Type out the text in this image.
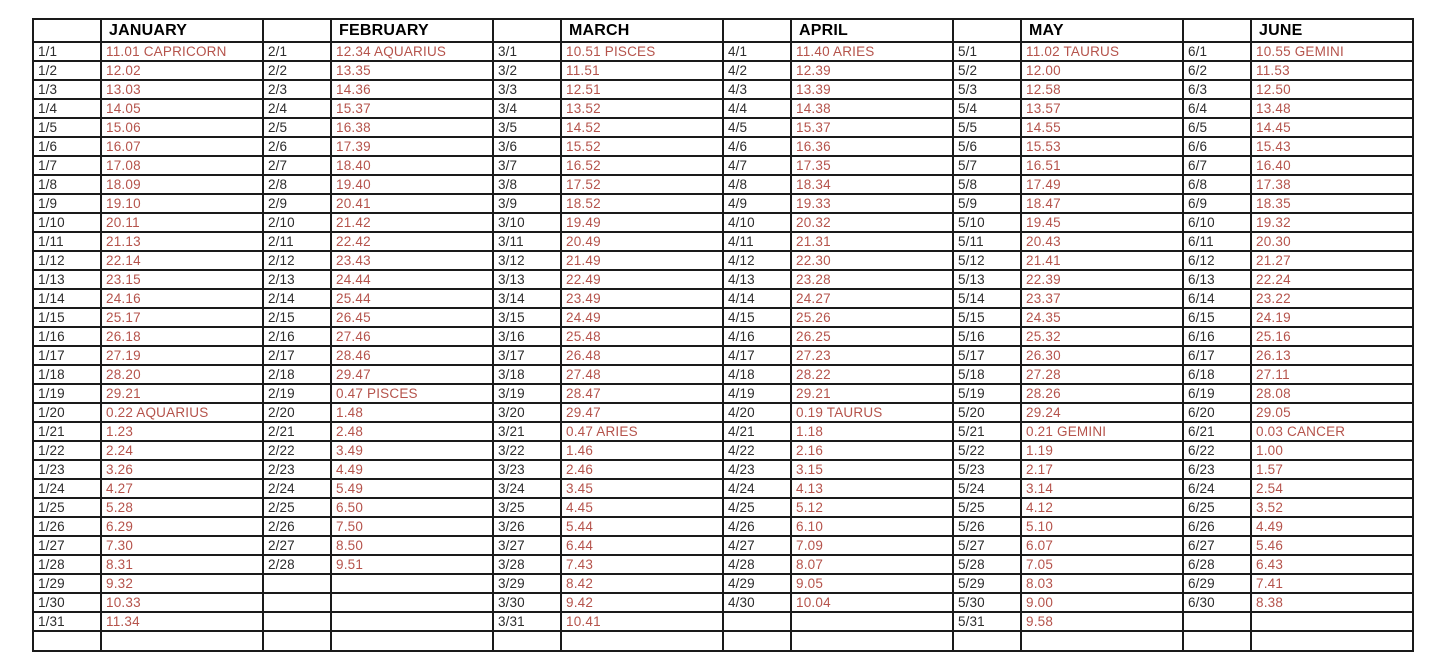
	JANUARY		FEBRUARY		MARCH		APRIL		MAY		JUNE
1/1	11.01 CAPRICORN	2/1	12.34 AQUARIUS	3/1	10.51 PISCES	4/1	11.40 ARIES	5/1	11.02 TAURUS	6/1	10.55 GEMINI
1/2	12.02	2/2	13.35	3/2	11.51	4/2	12.39	5/2	12.00	6/2	11.53
1/3	13.03	2/3	14.36	3/3	12.51	4/3	13.39	5/3	12.58	6/3	12.50
1/4	14.05	2/4	15.37	3/4	13.52	4/4	14.38	5/4	13.57	6/4	13.48
1/5	15.06	2/5	16.38	3/5	14.52	4/5	15.37	5/5	14.55	6/5	14.45
1/6	16.07	2/6	17.39	3/6	15.52	4/6	16.36	5/6	15.53	6/6	15.43
1/7	17.08	2/7	18.40	3/7	16.52	4/7	17.35	5/7	16.51	6/7	16.40
1/8	18.09	2/8	19.40	3/8	17.52	4/8	18.34	5/8	17.49	6/8	17.38
1/9	19.10	2/9	20.41	3/9	18.52	4/9	19.33	5/9	18.47	6/9	18.35
1/10	20.11	2/10	21.42	3/10	19.49	4/10	20.32	5/10	19.45	6/10	19.32
1/11	21.13	2/11	22.42	3/11	20.49	4/11	21.31	5/11	20.43	6/11	20.30
1/12	22.14	2/12	23.43	3/12	21.49	4/12	22.30	5/12	21.41	6/12	21.27
1/13	23.15	2/13	24.44	3/13	22.49	4/13	23.28	5/13	22.39	6/13	22.24
1/14	24.16	2/14	25.44	3/14	23.49	4/14	24.27	5/14	23.37	6/14	23.22
1/15	25.17	2/15	26.45	3/15	24.49	4/15	25.26	5/15	24.35	6/15	24.19
1/16	26.18	2/16	27.46	3/16	25.48	4/16	26.25	5/16	25.32	6/16	25.16
1/17	27.19	2/17	28.46	3/17	26.48	4/17	27.23	5/17	26.30	6/17	26.13
1/18	28.20	2/18	29.47	3/18	27.48	4/18	28.22	5/18	27.28	6/18	27.11
1/19	29.21	2/19	0.47 PISCES	3/19	28.47	4/19	29.21	5/19	28.26	6/19	28.08
1/20	0.22 AQUARIUS	2/20	1.48	3/20	29.47	4/20	0.19 TAURUS	5/20	29.24	6/20	29.05
1/21	1.23	2/21	2.48	3/21	0.47 ARIES	4/21	1.18	5/21	0.21 GEMINI	6/21	0.03 CANCER
1/22	2.24	2/22	3.49	3/22	1.46	4/22	2.16	5/22	1.19	6/22	1.00
1/23	3.26	2/23	4.49	3/23	2.46	4/23	3.15	5/23	2.17	6/23	1.57
1/24	4.27	2/24	5.49	3/24	3.45	4/24	4.13	5/24	3.14	6/24	2.54
1/25	5.28	2/25	6.50	3/25	4.45	4/25	5.12	5/25	4.12	6/25	3.52
1/26	6.29	2/26	7.50	3/26	5.44	4/26	6.10	5/26	5.10	6/26	4.49
1/27	7.30	2/27	8.50	3/27	6.44	4/27	7.09	5/27	6.07	6/27	5.46
1/28	8.31	2/28	9.51	3/28	7.43	4/28	8.07	5/28	7.05	6/28	6.43
1/29	9.32			3/29	8.42	4/29	9.05	5/29	8.03	6/29	7.41
1/30	10.33			3/30	9.42	4/30	10.04	5/30	9.00	6/30	8.38
1/31	11.34			3/31	10.41			5/31	9.58		
